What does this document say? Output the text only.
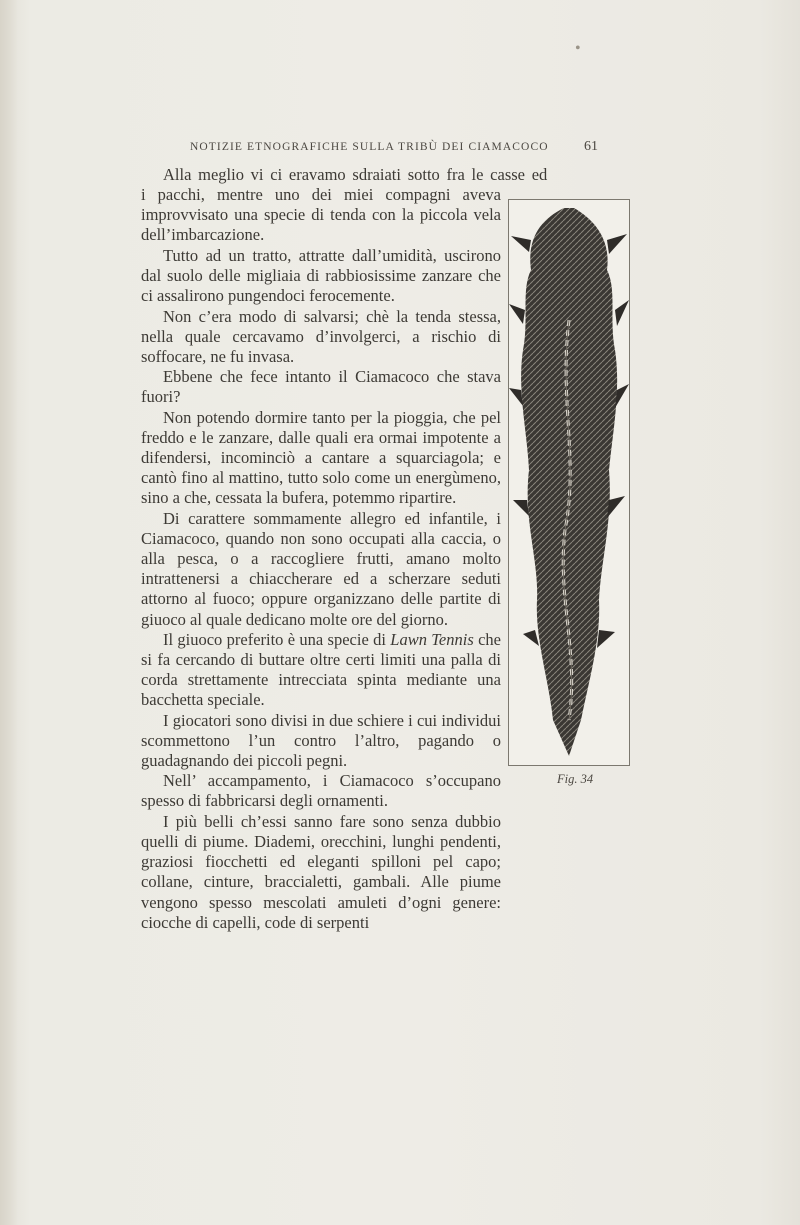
•
NOTIZIE ETNOGRAFICHE SULLA TRIBÙ DEI CIAMACOCO	61
Alla meglio vi ci eravamo sdraiati sotto fra le casse ed
i pacchi, mentre uno dei miei compagni aveva improvvisato una specie di tenda con la piccola vela dell’imbarcazione.

Tutto ad un tratto, attratte dall’umidità, uscirono dal suolo delle migliaia di rabbiosissime zanzare che ci assalirono pungendoci ferocemente.

Non c’era modo di salvarsi; chè la tenda stessa, nella quale cercavamo d’involgerci, a rischio di soffocare, ne fu invasa.

Ebbene che fece intanto il Ciamacoco che stava fuori?

Non potendo dormire tanto per la pioggia, che pel freddo e le zanzare, dalle quali era ormai impotente a difendersi, incominciò a cantare a squarciagola; e cantò fino al mattino, tutto solo come un energùmeno, sino a che, cessata la bufera, potemmo ripartire.

Di carattere sommamente allegro ed infantile, i Ciamacoco, quando non sono occupati alla caccia, o alla pesca, o a raccogliere frutti, amano molto intrattenersi a chiaccherare ed a scherzare seduti attorno al fuoco; oppure organizzano delle partite di giuoco al quale dedicano molte ore del giorno.

Il giuoco preferito è una specie di Lawn Tennis che si fa cercando di buttare oltre certi limiti una palla di corda strettamente intrecciata spinta mediante una bacchetta speciale.

I giocatori sono divisi in due schiere i cui individui scommettono l’un contro l’altro, pagando o guadagnando dei piccoli pegni.

Nell’ accampamento, i Ciamacoco s’occupano spesso di fabbricarsi degli ornamenti.

I più belli ch’essi sanno fare sono senza dubbio quelli di piume. Diademi, orecchini, lunghi pendenti, graziosi fiocchetti ed eleganti spilloni pel capo; collane, cinture, braccialetti, gambali. Alle piume vengono spesso mescolati amuleti d’ogni genere: ciocche di capelli, code di serpenti

Fig. 34
